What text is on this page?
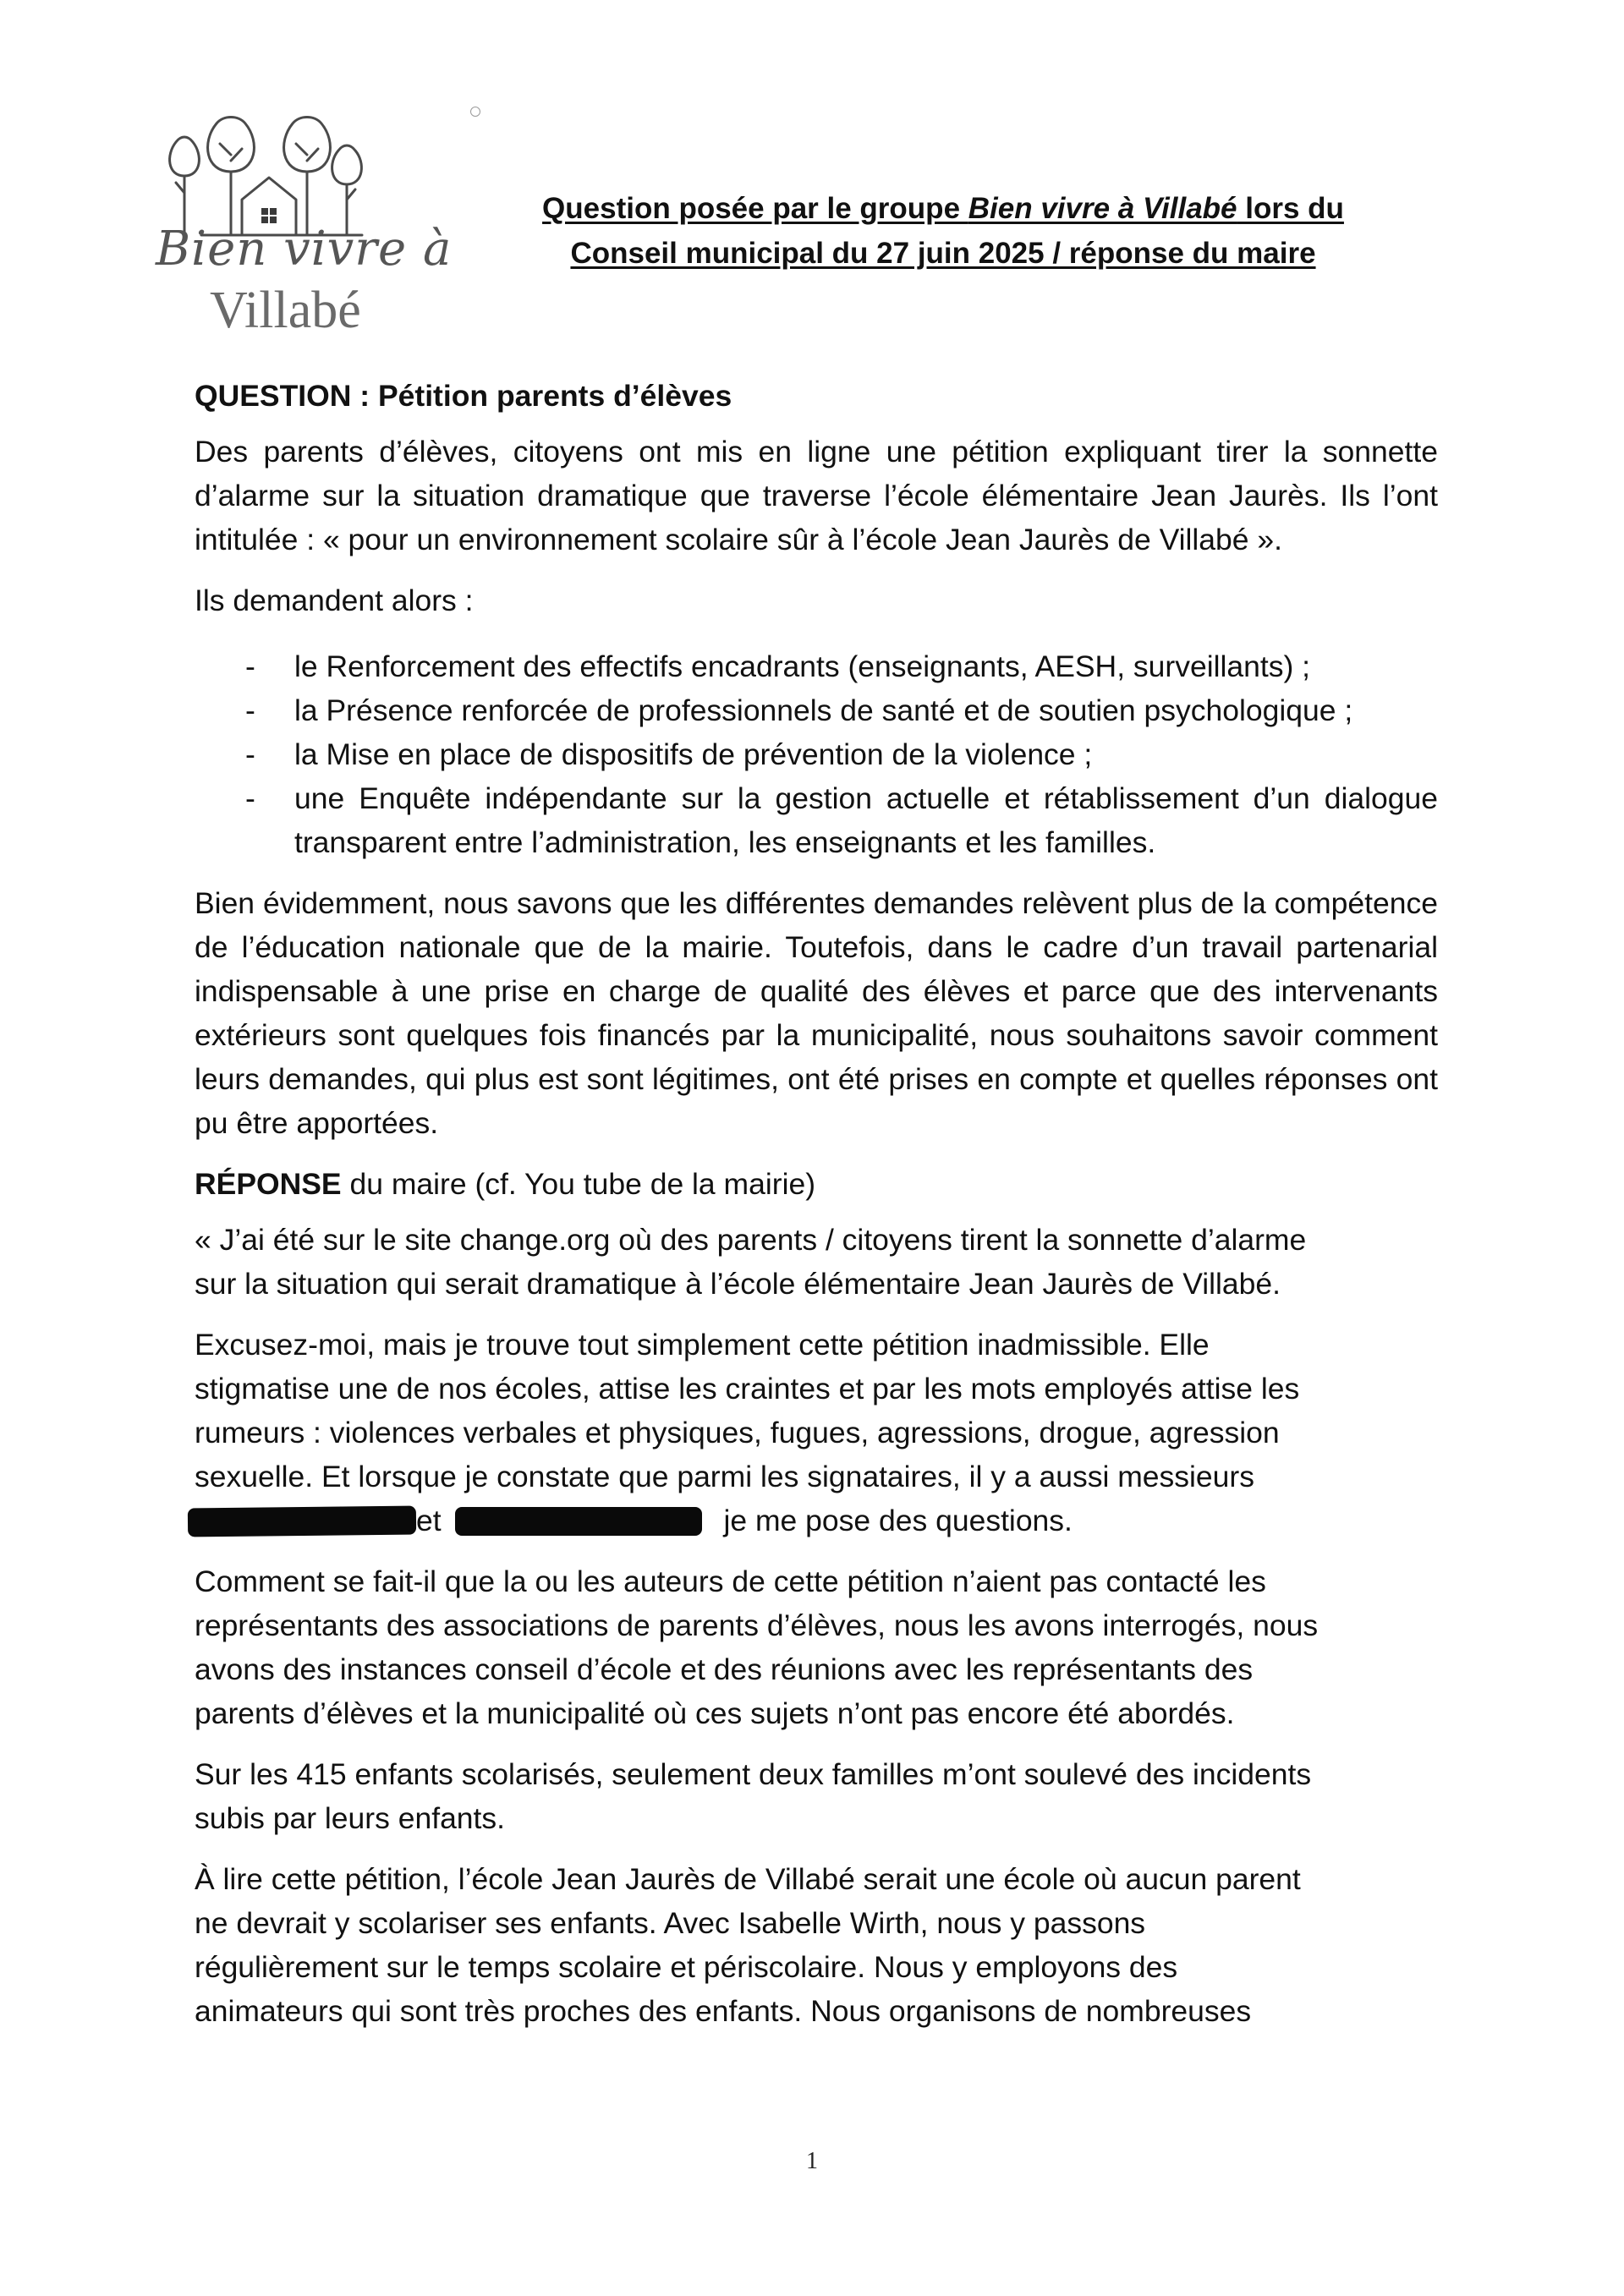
Bien vivre à
Villabé
Question posée par le groupe Bien vivre à Villabé lors du
Conseil municipal du 27 juin 2025 / réponse du maire

QUESTION : Pétition parents d’élèves

Des parents d’élèves, citoyens ont mis en ligne une pétition expliquant tirer la sonnette d’alarme sur la situation dramatique que traverse l’école élémentaire Jean Jaurès. Ils l’ont intitulée : « pour un environnement scolaire sûr à l’école Jean Jaurès de Villabé ».

Ils demandent alors :

- le Renforcement des effectifs encadrants (enseignants, AESH, surveillants) ;
- la Présence renforcée de professionnels de santé et de soutien psychologique ;
- la Mise en place de dispositifs de prévention de la violence ;
- une Enquête indépendante sur la gestion actuelle et rétablissement d’un dialogue transparent entre l’administration, les enseignants et les familles.

Bien évidemment, nous savons que les différentes demandes relèvent plus de la compétence de l’éducation nationale que de la mairie. Toutefois, dans le cadre d’un travail partenarial indispensable à une prise en charge de qualité des élèves et parce que des intervenants extérieurs sont quelques fois financés par la municipalité, nous souhaitons savoir comment leurs demandes, qui plus est sont légitimes, ont été prises en compte et quelles réponses ont pu être apportées.

RÉPONSE du maire (cf. You tube de la mairie)

« J’ai été sur le site change.org où des parents / citoyens tirent la sonnette d’alarme
sur la situation qui serait dramatique à l’école élémentaire Jean Jaurès de Villabé.

Excusez-moi, mais je trouve tout simplement cette pétition inadmissible. Elle
stigmatise une de nos écoles, attise les craintes et par les mots employés attise les
rumeurs : violences verbales et physiques, fugues, agressions, drogue, agression
sexuelle. Et lorsque je constate que parmi les signataires, il y a aussi messieurs
et	je me pose des questions.

Comment se fait-il que la ou les auteurs de cette pétition n’aient pas contacté les
représentants des associations de parents d’élèves, nous les avons interrogés, nous
avons des instances conseil d’école et des réunions avec les représentants des
parents d’élèves et la municipalité où ces sujets n’ont pas encore été abordés.

Sur les 415 enfants scolarisés, seulement deux familles m’ont soulevé des incidents
subis par leurs enfants.

À lire cette pétition, l’école Jean Jaurès de Villabé serait une école où aucun parent
ne devrait y scolariser ses enfants. Avec Isabelle Wirth, nous y passons
régulièrement sur le temps scolaire et périscolaire. Nous y employons des
animateurs qui sont très proches des enfants. Nous organisons de nombreuses

1
